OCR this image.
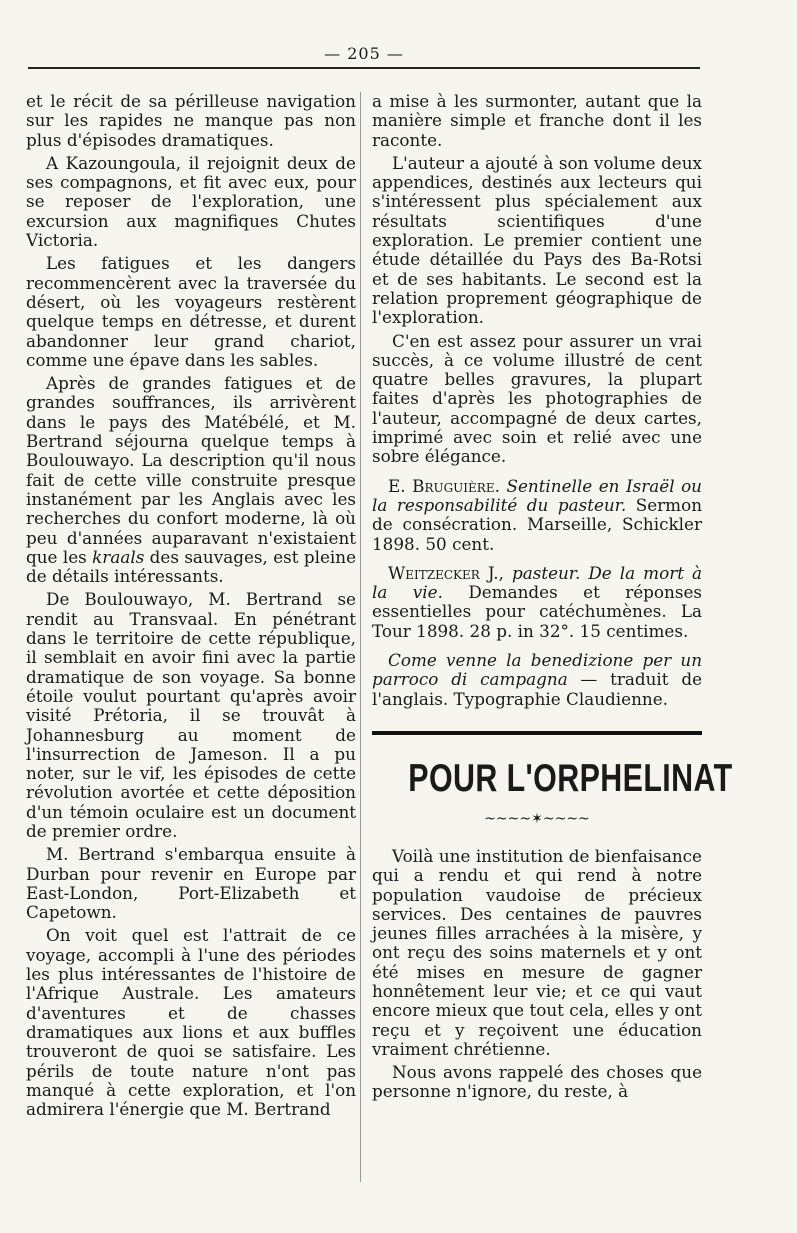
— 205 —

et le récit de sa périlleuse navigation sur les rapides ne manque pas non plus d'épisodes dramatiques.

A Kazoungoula, il rejoignit deux de ses compagnons, et fit avec eux, pour se reposer de l'exploration, une excursion aux magnifiques Chutes Victoria.

Les fatigues et les dangers recommencèrent avec la traversée du désert, où les voyageurs restèrent quelque temps en détresse, et durent abandonner leur grand chariot, comme une épave dans les sables.

Après de grandes fatigues et de grandes souffrances, ils arrivèrent dans le pays des Matébélé, et M. Bertrand séjourna quelque temps à Boulouwayo. La description qu'il nous fait de cette ville construite presque instanément par les Anglais avec les recherches du confort moderne, là où peu d'années auparavant n'existaient que les kraals des sauvages, est pleine de détails intéressants.

De Boulouwayo, M. Bertrand se rendit au Transvaal. En pénétrant dans le territoire de cette république, il semblait en avoir fini avec la partie dramatique de son voyage. Sa bonne étoile voulut pourtant qu'après avoir visité Prétoria, il se trouvât à Johannesburg au moment de l'insurrection de Jameson. Il a pu noter, sur le vif, les épisodes de cette révolution avortée et cette déposition d'un témoin oculaire est un document de premier ordre.

M. Bertrand s'embarqua ensuite à Durban pour revenir en Europe par East-London, Port-Elizabeth et Capetown.

On voit quel est l'attrait de ce voyage, accompli à l'une des périodes les plus intéressantes de l'histoire de l'Afrique Australe. Les amateurs d'aventures et de chasses dramatiques aux lions et aux buffles trouveront de quoi se satisfaire. Les périls de toute nature n'ont pas manqué à cette exploration, et l'on admirera l'énergie que M. Bertrand

a mise à les surmonter, autant que la manière simple et franche dont il les raconte.

L'auteur a ajouté à son volume deux appendices, destinés aux lecteurs qui s'intéressent plus spécialement aux résultats scientifiques d'une exploration. Le premier contient une étude détaillée du Pays des Ba-Rotsi et de ses habitants. Le second est la relation proprement géographique de l'exploration.

C'en est assez pour assurer un vrai succès, à ce volume illustré de cent quatre belles gravures, la plupart faites d'après les photographies de l'auteur, accompagné de deux cartes, imprimé avec soin et relié avec une sobre élégance.

E. Bruguière. Sentinelle en Israël ou la responsabilité du pasteur. Sermon de consécration. Marseille, Schickler 1898. 50 cent.

Weitzecker J., pasteur. De la mort à la vie. Demandes et réponses essentielles pour catéchumènes. La Tour 1898. 28 p. in 32°. 15 centimes.

Come venne la benedizione per un parroco di campagna — traduit de l'anglais. Typographie Claudienne.

POUR L'ORPHELINAT
~~~~✶~~~~

Voilà une institution de bienfaisance qui a rendu et qui rend à notre population vaudoise de précieux services. Des centaines de pauvres jeunes filles arrachées à la misère, y ont reçu des soins maternels et y ont été mises en mesure de gagner honnêtement leur vie; et ce qui vaut encore mieux que tout cela, elles y ont reçu et y reçoivent une éducation vraiment chrétienne.

Nous avons rappelé des choses que personne n'ignore, du reste, à
